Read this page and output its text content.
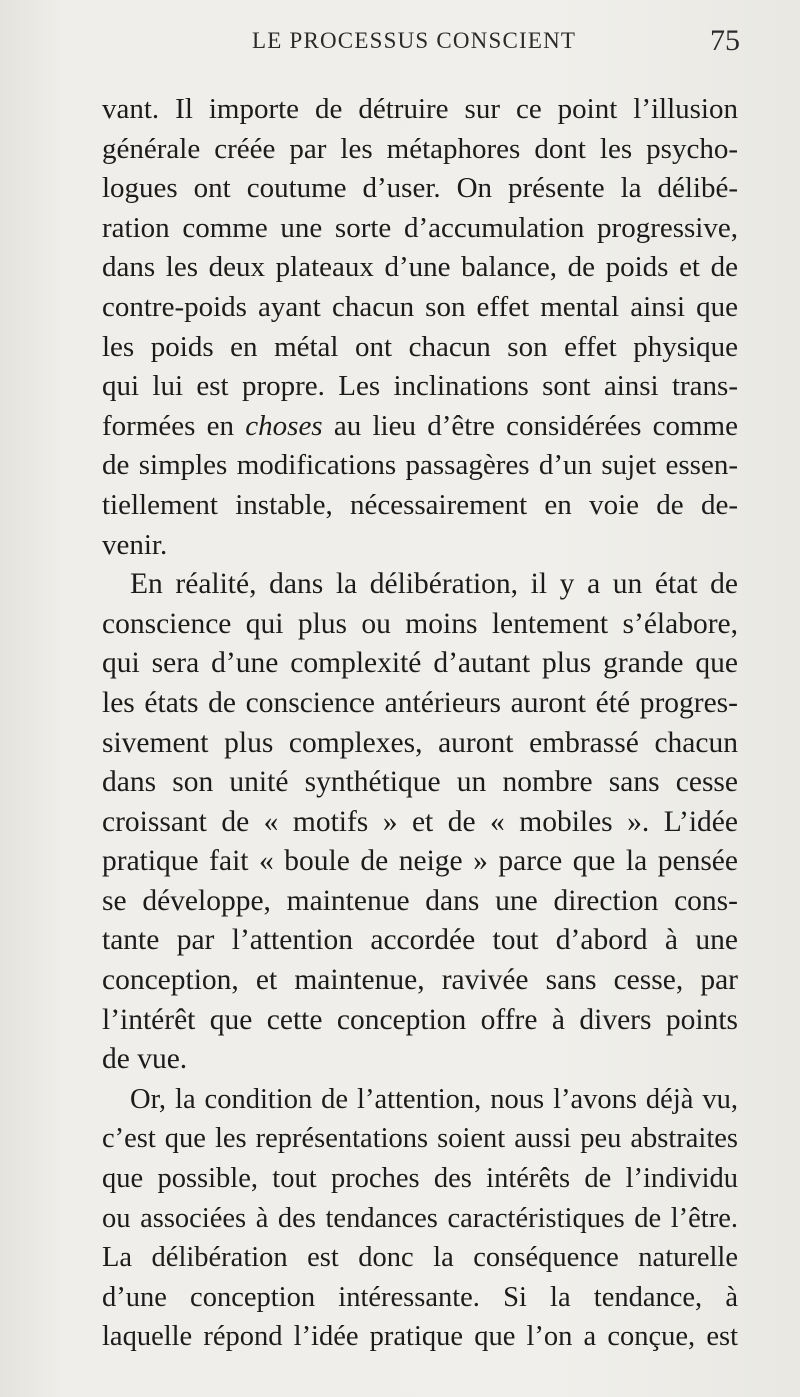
LE PROCESSUS CONSCIENT	75

vant. Il importe de détruire sur ce point l’illusion
générale créée par les métaphores dont les psycho-
logues ont coutume d’user. On présente la délibé-
ration comme une sorte d’accumulation progressive,
dans les deux plateaux d’une balance, de poids et de
contre-poids ayant chacun son effet mental ainsi que
les poids en métal ont chacun son effet physique
qui lui est propre. Les inclinations sont ainsi trans-
formées en choses au lieu d’être considérées comme
de simples modifications passagères d’un sujet essen-
tiellement instable, nécessairement en voie de de-
venir.

En réalité, dans la délibération, il y a un état de
conscience qui plus ou moins lentement s’élabore,
qui sera d’une complexité d’autant plus grande que
les états de conscience antérieurs auront été progres-
sivement plus complexes, auront embrassé chacun
dans son unité synthétique un nombre sans cesse
croissant de « motifs » et de « mobiles ». L’idée
pratique fait « boule de neige » parce que la pensée
se développe, maintenue dans une direction cons-
tante par l’attention accordée tout d’abord à une
conception, et maintenue, ravivée sans cesse, par
l’intérêt que cette conception offre à divers points
de vue.

Or, la condition de l’attention, nous l’avons déjà vu,
c’est que les représentations soient aussi peu abstraites
que possible, tout proches des intérêts de l’individu
ou associées à des tendances caractéristiques de l’être.
La délibération est donc la conséquence naturelle
d’une conception intéressante. Si la tendance, à
laquelle répond l’idée pratique que l’on a conçue, est
